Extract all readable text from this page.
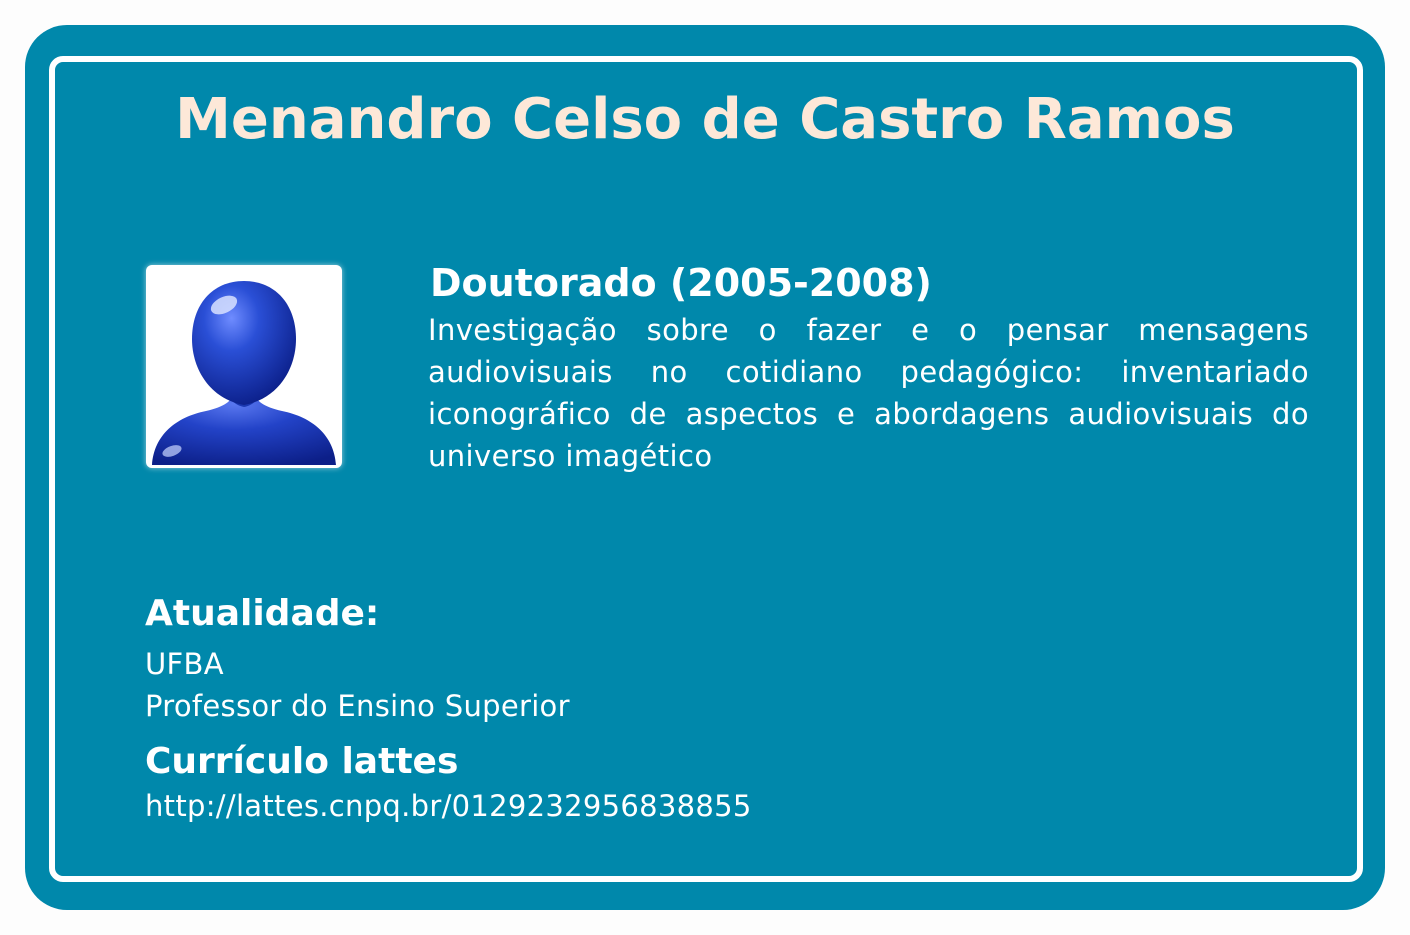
Menandro Celso de Castro Ramos
Doutorado (2005-2008)
Investigação sobre o fazer e o pensar mensagens audiovisuais no cotidiano pedagógico: inventariado iconográfico de aspectos e abordagens audiovisuais do universo imagético
Atualidade:
UFBA
Professor do Ensino Superior
Currículo lattes
http://lattes.cnpq.br/0129232956838855
